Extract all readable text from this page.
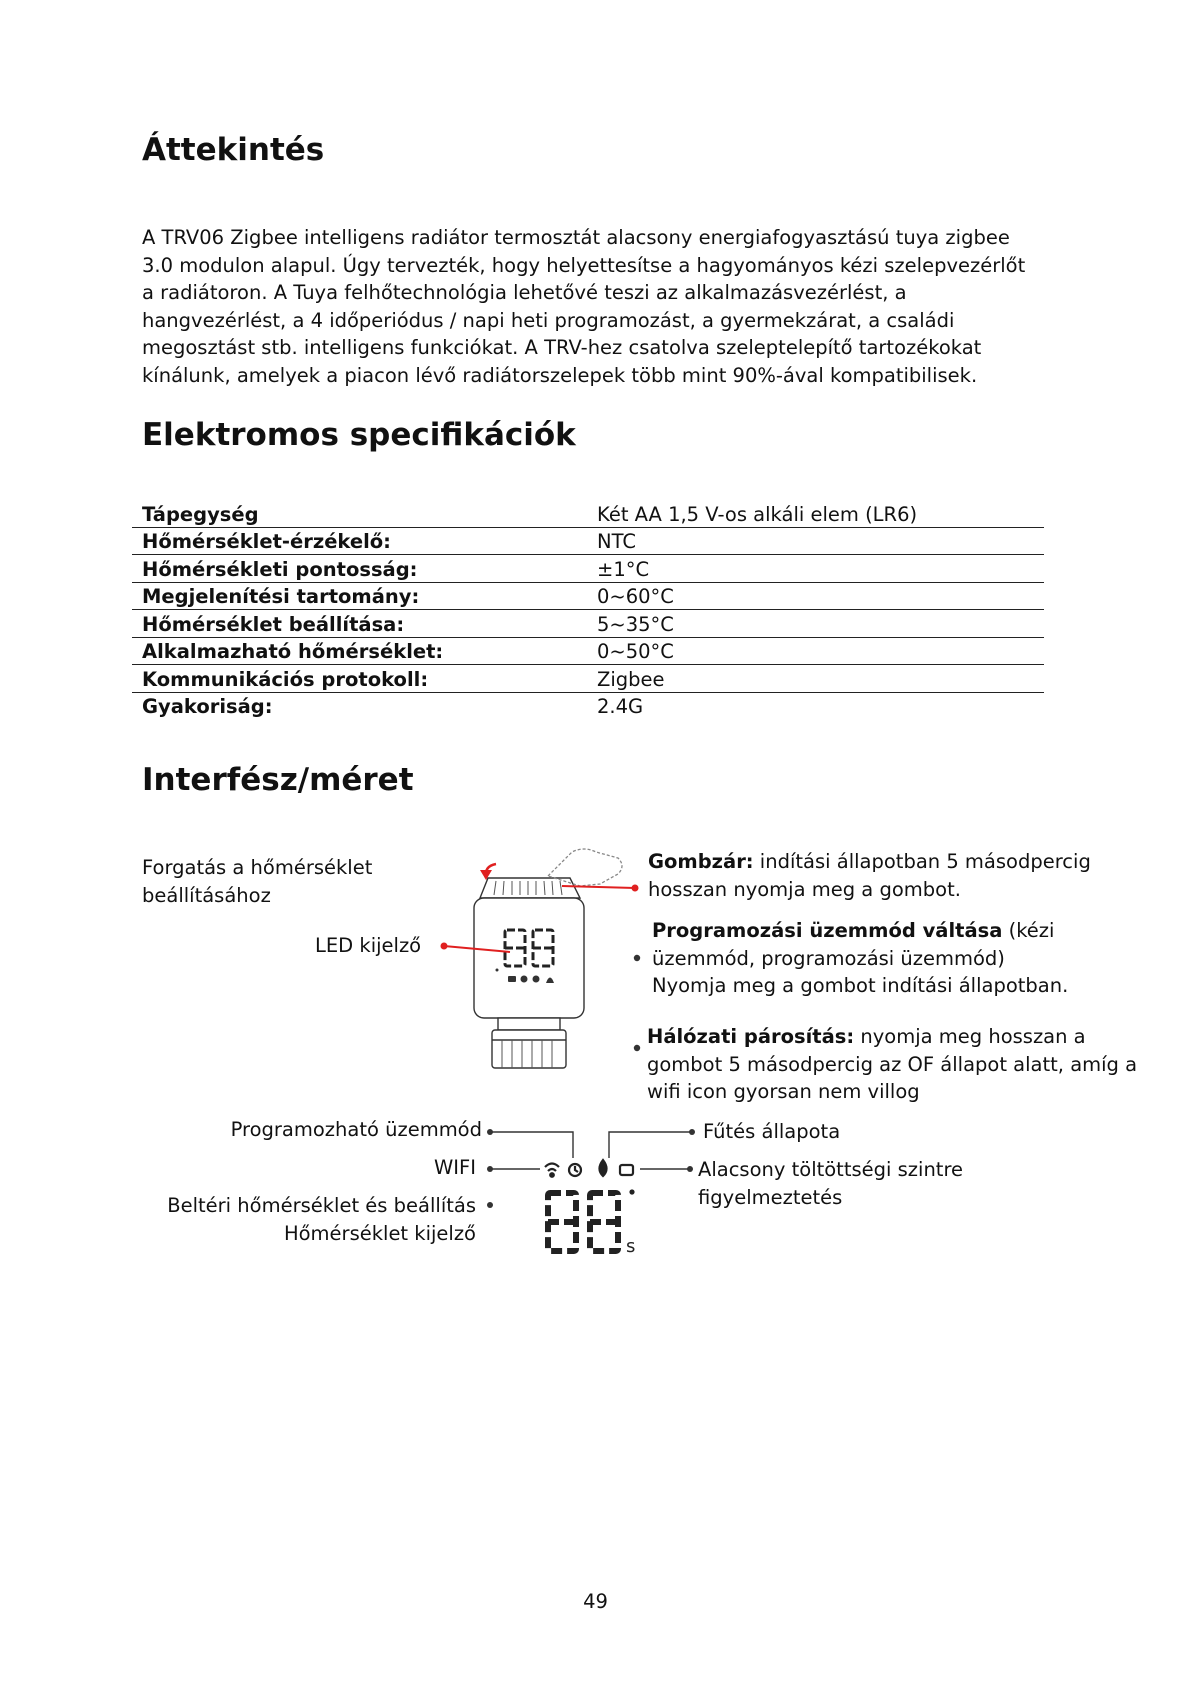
Áttekintés
A TRV06 Zigbee intelligens radiátor termosztát alacsony energiafogyasztású tuya zigbee
3.0 modulon alapul. Úgy tervezték, hogy helyettesítse a hagyományos kézi szelepvezérlőt
a radiátoron. A Tuya felhőtechnológia lehetővé teszi az alkalmazásvezérlést, a
hangvezérlést, a 4 időperiódus / napi heti programozást, a gyermekzárat, a családi
megosztást stb. intelligens funkciókat. A TRV-hez csatolva szeleptelepítő tartozékokat
kínálunk, amelyek a piacon lévő radiátorszelepek több mint 90%-ával kompatibilisek.
Elektromos specifikációk
Tápegység	Két AA 1,5 V-os alkáli elem (LR6)
Hőmérséklet-érzékelő:	NTC
Hőmérsékleti pontosság:	±1°C
Megjelenítési tartomány:	0~60°C
Hőmérséklet beállítása:	5~35°C
Alkalmazható hőmérséklet:	0~50°C
Kommunikációs protokoll:	Zigbee
Gyakoriság:	2.4G
Interfész/méret
Forgatás a hőmérséklet
beállításához
LED kijelző
Gombzár: indítási állapotban 5 másodpercig
hosszan nyomja meg a gombot.
Programozási üzemmód váltása (kézi
üzemmód, programozási üzemmód)
Nyomja meg a gombot indítási állapotban.
Hálózati párosítás: nyomja meg hosszan a
gombot 5 másodpercig az OF állapot alatt, amíg a
wifi icon gyorsan nem villog
Programozható üzemmód
WIFI
Beltéri hőmérséklet és beállítás
Hőmérséklet kijelző
Fűtés állapota
Alacsony töltöttségi szintre
figyelmeztetés
s
49
